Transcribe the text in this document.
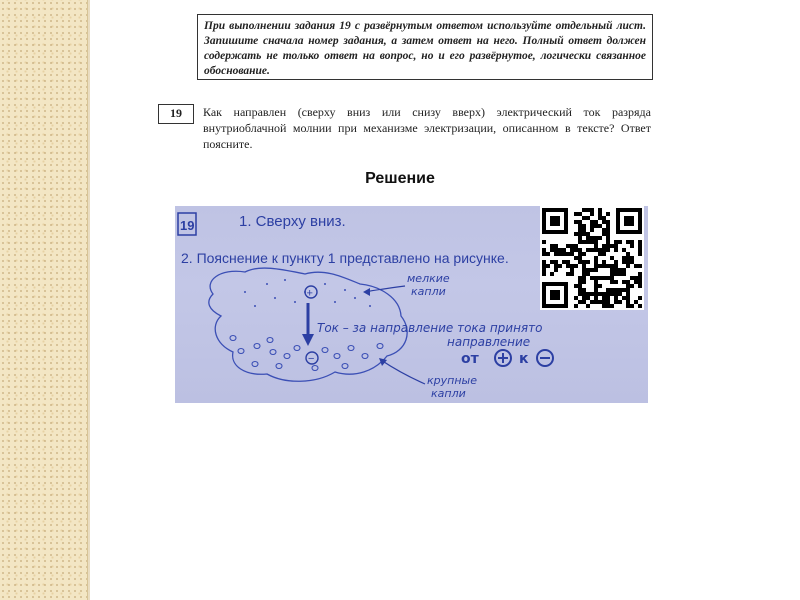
При выполнении задания 19 с развёрнутым ответом используйте отдельный лист. Запишите сначала номер задания, а затем ответ на него. Полный ответ должен содержать не только ответ на вопрос, но и его развёрнутое, логически связанное обоснование.
19	Как направлен (сверху вниз или снизу вверх) электрический ток разряда внутриоблачной молнии при механизме электризации, описанном в тексте? Ответ поясните.
Решение
19
+
−
мелкие
капли
Ток – за направление тока принято
направление
от	к
крупные
капли
1. Сверху вниз.
2. Пояснение к пункту 1 представлено на рисунке.
